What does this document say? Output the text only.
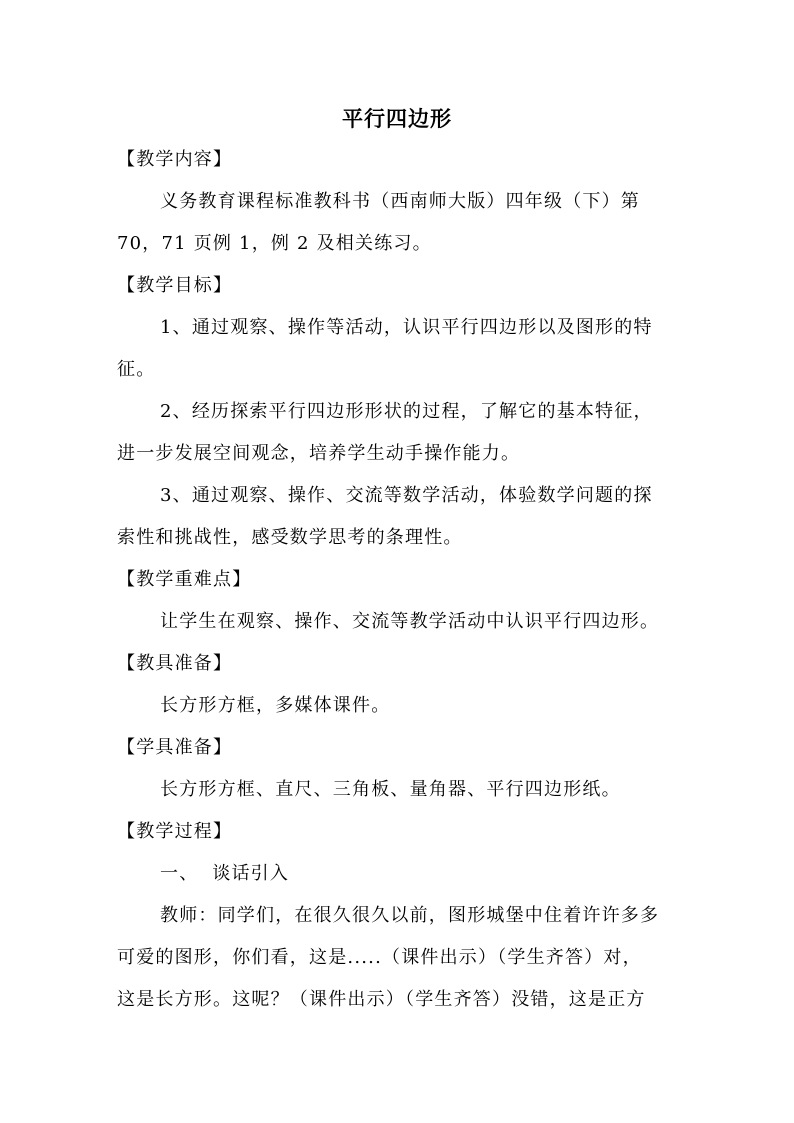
平行四边形
【教学内容】
义务教育课程标准教科书（西南师大版）四年级（下）第
70，71 页例 1，例 2 及相关练习。
【教学目标】
1、通过观察、操作等活动，认识平行四边形以及图形的特
征。
2、经历探索平行四边形形状的过程，了解它的基本特征，
进一步发展空间观念，培养学生动手操作能力。
3、通过观察、操作、交流等数学活动，体验数学问题的探
索性和挑战性，感受数学思考的条理性。
【教学重难点】
让学生在观察、操作、交流等教学活动中认识平行四边形。
【教具准备】
长方形方框，多媒体课件。
【学具准备】
长方形方框、直尺、三角板、量角器、平行四边形纸。
【教学过程】
一、  谈话引入
教师：同学们，在很久很久以前，图形城堡中住着许许多多
可爱的图形，你们看，这是.....（课件出示）（学生齐答）对，
这是长方形。这呢？（课件出示）（学生齐答）没错，这是正方
